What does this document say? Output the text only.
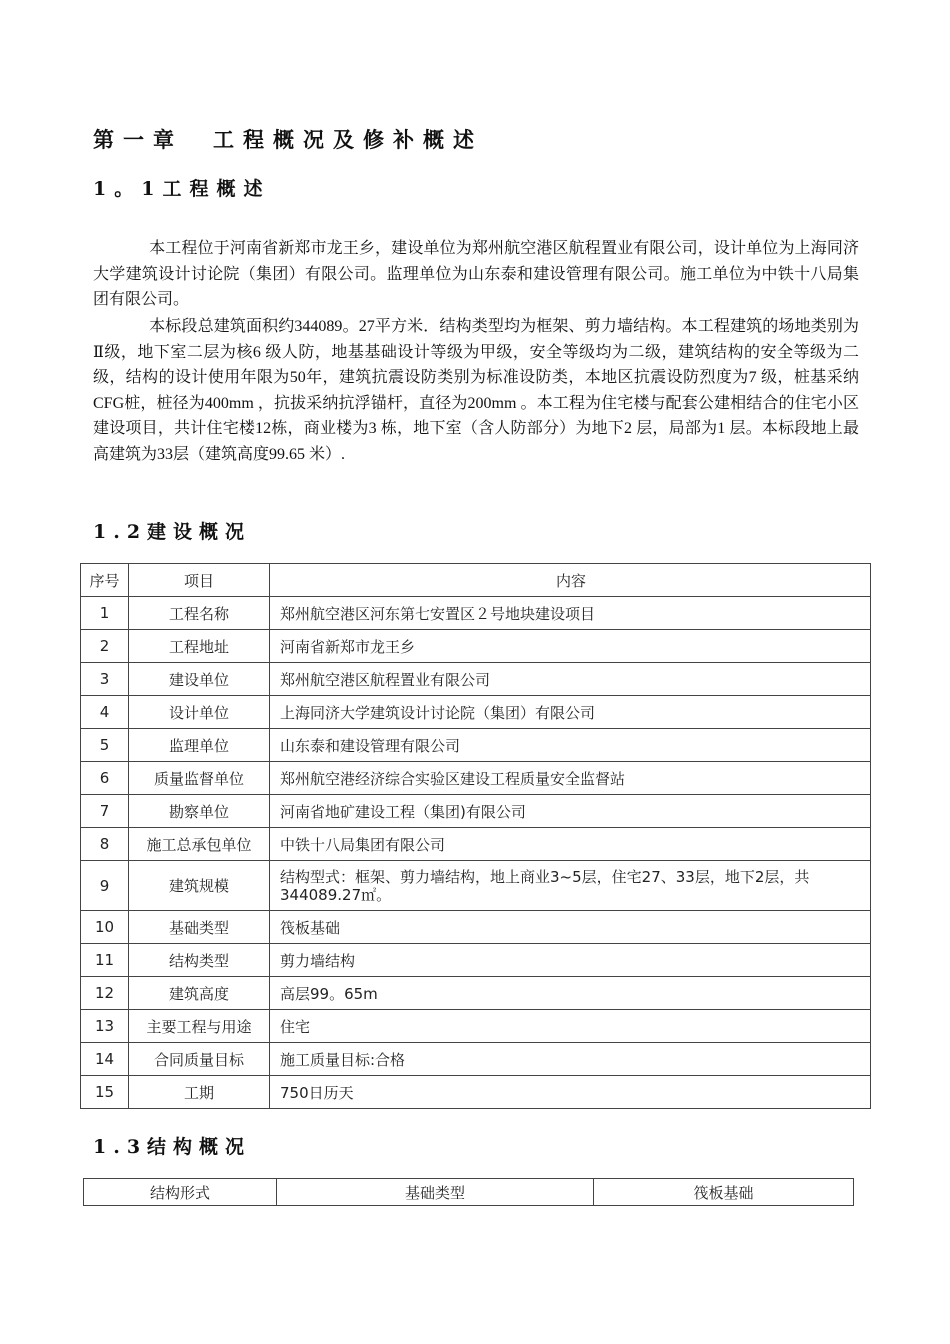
第一章　工程概况及修补概述
1。1工程概述

本工程位于河南省新郑市龙王乡，建设单位为郑州航空港区航程置业有限公司，设计单位为上海同济大学建筑设计讨论院（集团）有限公司。监理单位为山东泰和建设管理有限公司。施工单位为中铁十八局集团有限公司。

本标段总建筑面积约344089。27平方米．结构类型均为框架、剪力墙结构。本工程建筑的场地类别为Ⅱ级，地下室二层为核6 级人防，地基基础设计等级为甲级，安全等级均为二级，建筑结构的安全等级为二级，结构的设计使用年限为50年，建筑抗震设防类别为标准设防类，本地区抗震设防烈度为7 级，桩基采纳CFG桩，桩径为400mm ，抗拔采纳抗浮锚杆，直径为200mm 。本工程为住宅楼与配套公建相结合的住宅小区建设项目，共计住宅楼12栋，商业楼为3 栋，地下室（含人防部分）为地下2 层，局部为1 层。本标段地上最高建筑为33层（建筑高度99.65 米）.

1.2建设概况
序号	项目	内容
1	工程名称	郑州航空港区河东第七安置区２号地块建设项目
2	工程地址	河南省新郑市龙王乡
3	建设单位	郑州航空港区航程置业有限公司
4	设计单位	上海同济大学建筑设计讨论院（集团）有限公司
5	监理单位	山东泰和建设管理有限公司
6	质量监督单位	郑州航空港经济综合实验区建设工程质量安全监督站
7	勘察单位	河南省地矿建设工程（集团)有限公司
8	施工总承包单位	中铁十八局集团有限公司
9	建筑规模	结构型式：框架、剪力墙结构，地上商业3~5层，住宅27、33层，地下2层，共344089.27㎡。
10	基础类型	筏板基础
11	结构类型	剪力墙结构
12	建筑高度	高层99。65m
13	主要工程与用途	住宅
14	合同质量目标	施工质量目标:合格
15	工期	750日历天
1.3结构概况
结构形式	基础类型	筏板基础
